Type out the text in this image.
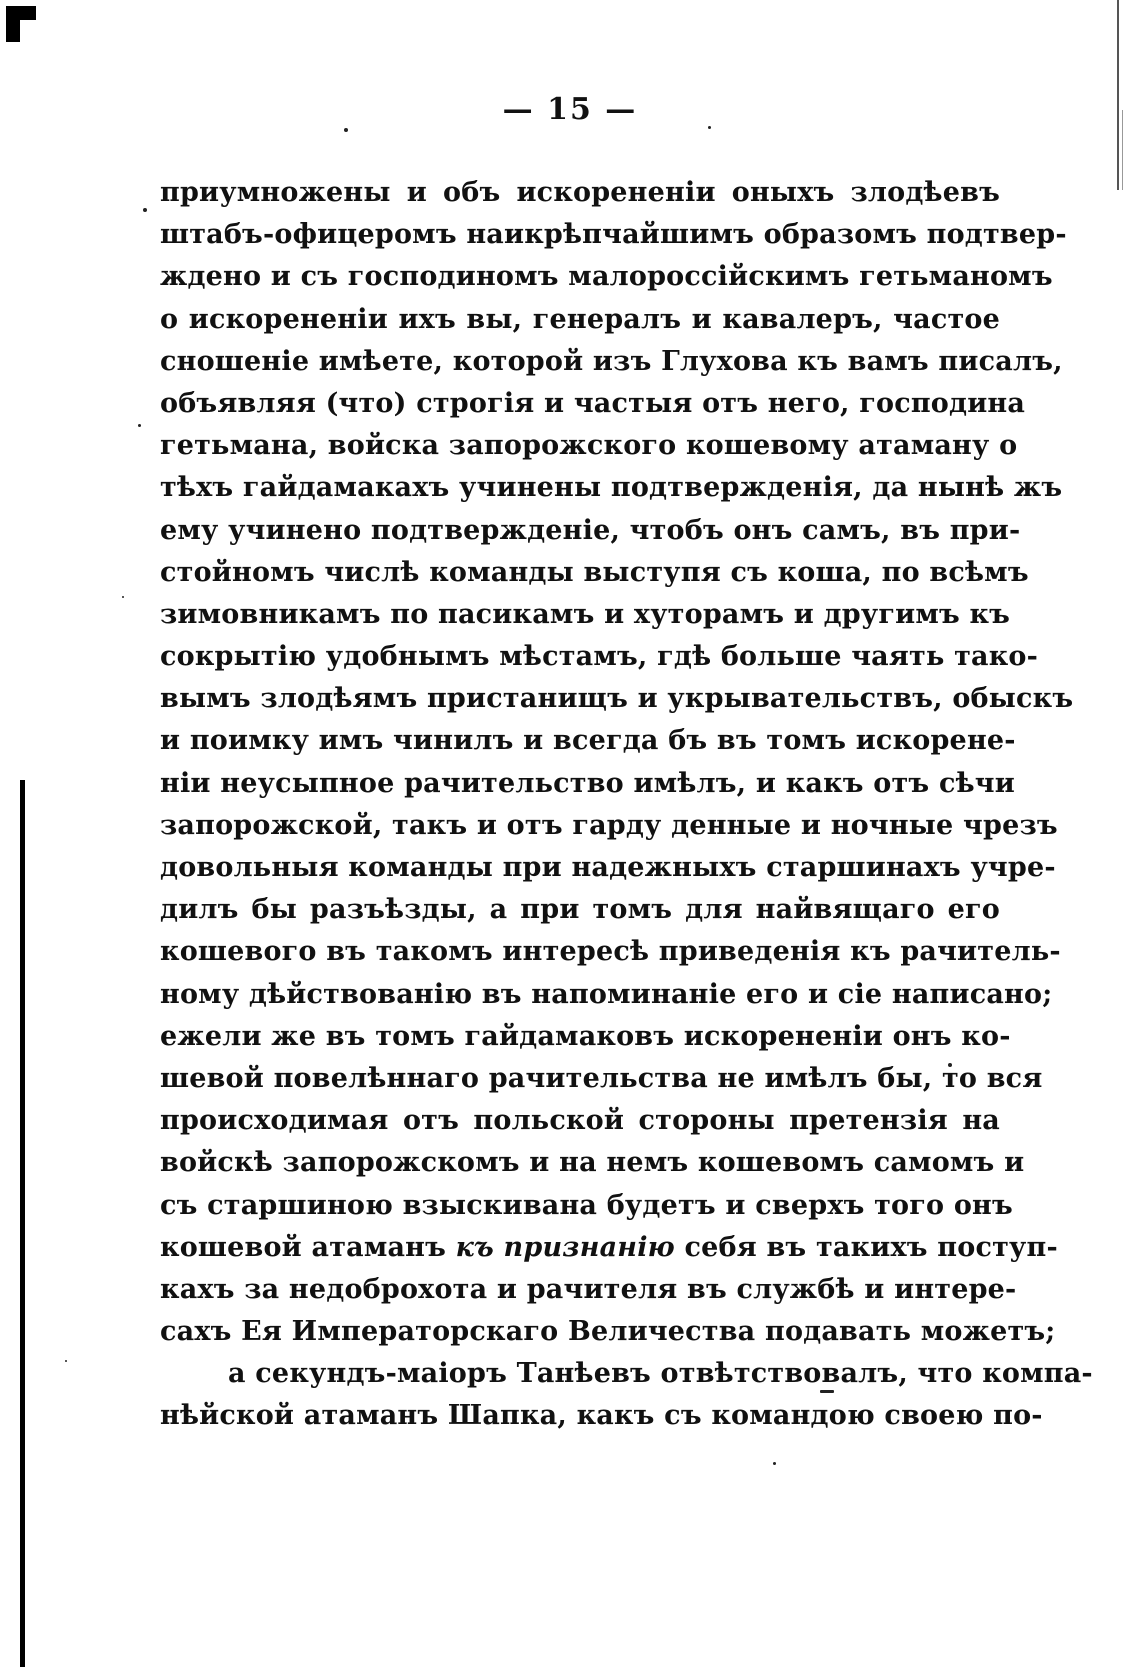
— 15 —
приумножены и объ искорененіи оныхъ злодѣевъ
штабъ-офицеромъ наикрѣпчайшимъ образомъ подтвер-
ждено и съ господиномъ малороссійскимъ гетьманомъ
о искорененіи ихъ вы, генералъ и кавалеръ, частое
сношеніе имѣете, которой изъ Глухова къ вамъ писалъ,
объявляя (что) строгія и частыя отъ него, господина
гетьмана, войска запорожского кошевому атаману о
тѣхъ гайдамакахъ учинены подтвержденія, да нынѣ жъ
ему учинено подтвержденіе, чтобъ онъ самъ, въ при-
стойномъ числѣ команды выступя съ коша, по всѣмъ
зимовникамъ по пасикамъ и хуторамъ и другимъ къ
сокрытію удобнымъ мѣстамъ, гдѣ больше чаять тако-
вымъ злодѣямъ пристанищъ и укрывательствъ, обыскъ
и поимку имъ чинилъ и всегда бъ въ томъ искорене-
ніи неусыпное рачительство имѣлъ, и какъ отъ сѣчи
запорожской, такъ и отъ гарду денные и ночные чрезъ
довольныя команды при надежныхъ старшинахъ учре-
дилъ бы разъѣзды, а при томъ для найвящаго его
кошевого въ такомъ интересѣ приведенія къ рачитель-
ному дѣйствованію въ напоминаніе его и сіе написано;
ежели же въ томъ гайдамаковъ искорененіи онъ ко-
шевой повелѣннаго рачительства не имѣлъ бы, то вся
происходимая отъ польской стороны претензія на
войскѣ запорожскомъ и на немъ кошевомъ самомъ и
съ старшиною взыскивана будетъ и сверхъ того онъ
кошевой атаманъ къ признанію себя въ такихъ поступ-
кахъ за недоброхота и рачителя въ службѣ и интере-
сахъ Ея Императорскаго Величества подавать можетъ;
а секундъ-маіоръ Танѣевъ отвѣтствовалъ, что компа-
нѣйской атаманъ Шапка, какъ съ командою своею по-
